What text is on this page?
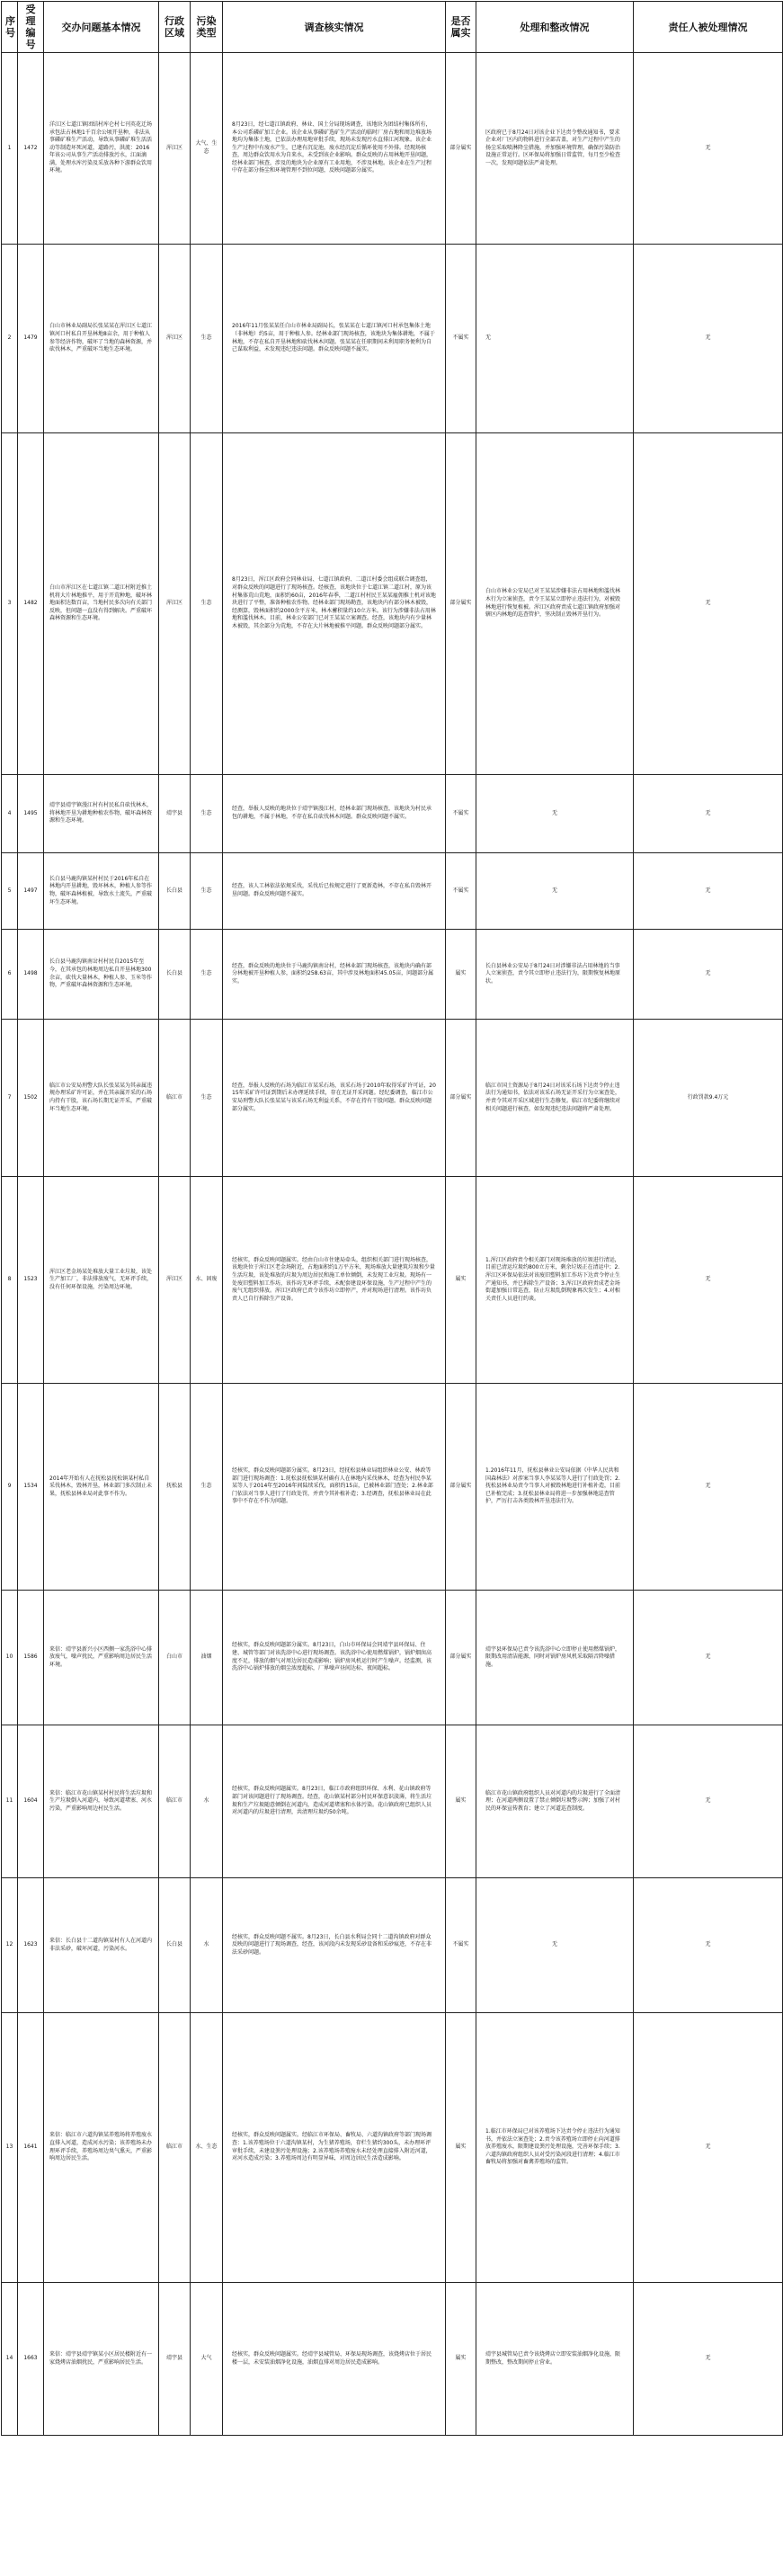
序号	受理编号	交办问题基本情况	行政区域	污染类型	调查核实情况	是否属实	处理和整改情况	责任人被处理情况
1	1472	洋江区七道江镇团结村库仑村七刊英花迁场承包法占林地1千百余公顷开垦种，非法从事磷矿堆生产活动，导致从事磷矿堆生活活动等制造坏死河道，道路污，洪流：2016年该公司从事生产活动排放污水，江面滴满，处理水库污染及采放各种下游群众饮用环境。	浑江区	大气、生态	8月23日，经七道江镇政府、林业、国土分局现场调查，该地块为团结村集体所有，本公司系磷矿加工企业。该企业从事磷矿选矿生产活动的临时厂房占地和周边堆放场地均为集体土地，已依法办理用地审批手续，现场未发现污水直排江河现象。该企业生产过程中有废水产生，已建有沉淀池，废水经沉淀后循环使用不外排。经现场核查，周边群众饮用水为自来水，未受到该企业影响。群众反映的占用林地开垦问题，经林业部门核查，涉及的地块为企业原有工业用地，不涉及林地。该企业在生产过程中存在部分扬尘和环境管理不到位问题，反映问题部分属实。	部分属实	区政府已于8月24日对该企业下达责令整改通知书，要求企业对厂区内的物料进行全部苫盖，对生产过程中产生的扬尘采取喷淋降尘措施，并加强环境管理，确保污染防治设施正常运行。区环保局将加强日常监管，每月至少检查一次，发现问题依法严肃处理。	无
2	1479	白山市林业局副局长张某某在浑江区七道江镇河口村私自开垦林地8亩余，用于种植人参等经济作物，破坏了当地的森林资源，并砍伐林木，严重破坏当地生态环境。	浑江区	生态	2016年11月张某某任白山市林业局副局长，张某某在七道江镇河口村承包集体土地（非林地）约5亩，用于种植人参。经林业部门现场核查，该地块为集体耕地，不属于林地，不存在私自开垦林地和砍伐林木问题。张某某在任职期间未利用职务便利为自己谋取利益，未发现违纪违法问题。群众反映问题不属实。	不属实	无	无
3	1482	白山市浑江区在七道江镇二道江村附近推土机将大片林地推平，用于开荒种地，破坏林地面积达数百亩，当地村民多次向有关部门反映，但问题一直没有得到解决。严重破坏森林资源和生态环境。	浑江区	生态	8月23日，浑江区政府会同林业局、七道江镇政府、二道江村委会组成联合调查组，对群众反映的问题进行了现场核查。经核查，该地块位于七道江镇二道江村，原为该村集体荒山荒地，面积约60亩，2016年春季，二道江村村民王某某雇佣推土机对该地块进行了平整，准备种植农作物。经林业部门现场勘查，该地块内有部分林木被毁，经测算，毁林面积约2000余平方米，林木蓄积量约10立方米。该行为涉嫌非法占用林地和滥伐林木。目前，林业公安部门已对王某某立案调查。经查，该地块内有少量林木被毁，其余部分为荒地，不存在大片林地被推平问题。群众反映问题部分属实。	部分属实	白山市林业公安局已对王某某涉嫌非法占用林地和滥伐林木行为立案侦查，责令王某某立即停止违法行为，对被毁林地进行恢复植被。浑江区政府责成七道江镇政府加强对辖区内林地的巡查管护，坚决制止毁林开垦行为。	无
4	1495	靖宇县靖宇镇漫江村有村民私自砍伐林木，将林地开垦为耕地种植农作物，破坏森林资源和生态环境。	靖宇县	生态	经查，举报人反映的地块位于靖宇镇漫江村，经林业部门现场核查，该地块为村民承包的耕地，不属于林地，不存在私自砍伐林木问题。群众反映问题不属实。	不属实	无	无
5	1497	长白县马鹿沟镇某村村民于2016年私自在林地内开垦耕地，毁坏林木，种植人参等作物，破坏森林植被，导致水土流失，严重破坏生态环境。	长白县	生态	经查，该人工林依法依规采伐，采伐后已按规定进行了更新造林，不存在私自毁林开垦问题。群众反映问题不属实。	不属实	无	无
6	1498	长白县马鹿沟镇南岔村村民自2015年至今，在其承包的林地周边私自开垦林地300余亩，砍伐大量林木，种植人参、玉米等作物，严重破坏森林资源和生态环境。	长白县	生态	经查，群众反映的地块位于马鹿沟镇南岔村，经林业部门现场核查，该地块内确有部分林地被开垦种植人参，面积约258.63亩，其中涉及林地面积45.05亩，问题部分属实。	属实	长白县林业公安局于8月24日对涉嫌非法占用林地的当事人立案侦查，责令其立即停止违法行为，限期恢复林地原状。	无
7	1502	临江市公安局刑警大队长张某某为其亲属违规办理采矿许可证，并在其亲属开采的石场内持有干股，该石场长期无证开采，严重破坏当地生态环境。	临江市	生态	经查，举报人反映的石场为临江市某采石场，该采石场于2010年取得采矿许可证，2015年采矿许可证到期后未办理延续手续，存在无证开采问题。经纪委调查，临江市公安局刑警大队长张某某与该采石场无利益关系，不存在持有干股问题。群众反映问题部分属实。	部分属实	临江市国土资源局于8月24日对该采石场下达责令停止违法行为通知书，依法对该采石场无证开采行为立案查处，并责令其对开采区域进行生态修复。临江市纪委将继续对相关问题进行核查，如发现违纪违法问题将严肃处理。	行政罚款9.4万元
8	1523	浑江区老金场某处堆放大量工业垃圾，该处生产加工厂，非法排放废气，无环评手续，没有任何环保设施，污染周边环境。	浑江区	水、固废	经核实，群众反映问题属实。经由白山市住建局牵头，组织相关部门进行现场核查，该地块位于浑江区老金场附近，占地面积约1万平方米，现场堆放大量建筑垃圾和少量生活垃圾，该处堆放的垃圾为周边居民和施工单位倾倒，未发现工业垃圾。现场有一处废旧塑料加工作坊，该作坊无环评手续，未配套建设环保设施，生产过程中产生的废气无组织排放。浑江区政府已责令该作坊立即停产，并对现场进行清理。该作坊负责人已自行拆除生产设备。	属实	1.浑江区政府责令相关部门对现场堆放的垃圾进行清运，目前已清运垃圾约800立方米，剩余垃圾正在清运中；2.浑江区环保局依法对该废旧塑料加工作坊下达责令停止生产通知书，并已拆除生产设备；3.浑江区政府责成老金场街道加强日常巡查，防止垃圾乱倒现象再次发生；4.对相关责任人员进行约谈。	无
9	1534	2014年开始有人在抚松县抚松镇某村私自采伐林木，毁林开垦，林业部门多次制止未果，抚松县林业局对此事不作为。	抚松县	生态	经核实，群众反映问题部分属实。8月23日，经抚松县林业局组织林业公安、林政等部门进行现场调查：1.抚松县抚松镇某村确有人在林地内采伐林木，经查为村民李某某等人于2014年至2016年间陆续采伐，面积约15亩，已被林业部门查处；2.林业部门依法对当事人进行了行政处罚，并责令其补植补造；3.经调查，抚松县林业局在此事中不存在不作为问题。	部分属实	1.2016年11月，抚松县林业公安局依据《中华人民共和国森林法》对涉案当事人李某某等人进行了行政处罚；2.抚松县林业局责令当事人对被毁林地进行补植补造，目前已补植完成；3.抚松县林业局将进一步加强林地巡查管护，严厉打击各类毁林开垦违法行为。	无
10	1586	来信：靖宇县新兴小区西侧一家洗浴中心排放废气，噪声扰民，严重影响周边居民生活环境。	白山市	油烟	经核实，群众反映问题部分属实。8月23日，白山市环保局会同靖宇县环保局、住建、城管等部门对该洗浴中心进行现场调查。该洗浴中心使用燃煤锅炉，锅炉烟囱高度不足，排放的烟气对周边居民造成影响；锅炉房风机运行时产生噪声。经监测，该洗浴中心锅炉排放的烟尘浓度超标，厂界噪声昼间达标、夜间超标。	部分属实	靖宇县环保局已责令该洗浴中心立即停止使用燃煤锅炉，限期改用清洁能源，同时对锅炉房风机采取隔音降噪措施。	无
11	1604	来信：临江市花山镇某村村民将生活垃圾和生产垃圾倒入河道内，导致河道堵塞、河水污染，严重影响周边村民生活。	临江市	水	经核实，群众反映问题属实。8月23日，临江市政府组织环保、水利、花山镇政府等部门对该问题进行了现场调查。经查，花山镇某村部分村民环保意识淡薄，将生活垃圾和生产垃圾随意倾倒在河道内，造成河道堵塞和水体污染。花山镇政府已组织人员对河道内的垃圾进行清理，共清理垃圾约50余吨。	属实	临江市花山镇政府组织人员对河道内的垃圾进行了全面清理；在河道两侧设置了禁止倾倒垃圾警示牌；加强了对村民的环保宣传教育；建立了河道巡查制度。	无
12	1623	来信：长白县十二道沟镇某村有人在河道内非法采砂，破坏河道，污染河水。	长白县	水	经核实，群众反映问题不属实。8月23日，长白县水利局会同十二道沟镇政府对群众反映的问题进行了现场调查，经查，该河段内未发现采砂设备和采砂痕迹，不存在非法采砂问题。	不属实	无	无
13	1641	来信：临江市六道沟镇某养殖场将养殖废水直排入河道，造成河水污染；该养殖场未办理环评手续，养殖场周边臭气熏天，严重影响周边居民生活。	临江市	水、生态	经核实，群众反映问题属实。经临江市环保局、畜牧局、六道沟镇政府等部门现场调查：1.该养殖场位于六道沟镇某村，为生猪养殖场，存栏生猪约300头，未办理环评审批手续，未建设粪污处理设施；2.该养殖场养殖废水未经处理直接排入附近河道，对河水造成污染；3.养殖场周边有明显异味，对周边居民生活造成影响。	属实	1.临江市环保局已对该养殖场下达责令停止违法行为通知书，并依法立案查处；2.责令该养殖场立即停止向河道排放养殖废水，限期建设粪污处理设施，完善环保手续；3.六道沟镇政府组织人员对受污染河段进行清理；4.临江市畜牧局将加强对畜禽养殖场的监管。	无
14	1663	来信：靖宇县靖宇镇某小区居民楼附近有一家烧烤店油烟扰民，严重影响居民生活。	靖宇县	大气	经核实，群众反映问题属实。经靖宇县城管局、环保局现场调查，该烧烤店位于居民楼一层，未安装油烟净化设施，油烟直排对周边居民造成影响。	属实	靖宇县城管局已责令该烧烤店立即安装油烟净化设施，限期整改，整改期间停止营业。	无
